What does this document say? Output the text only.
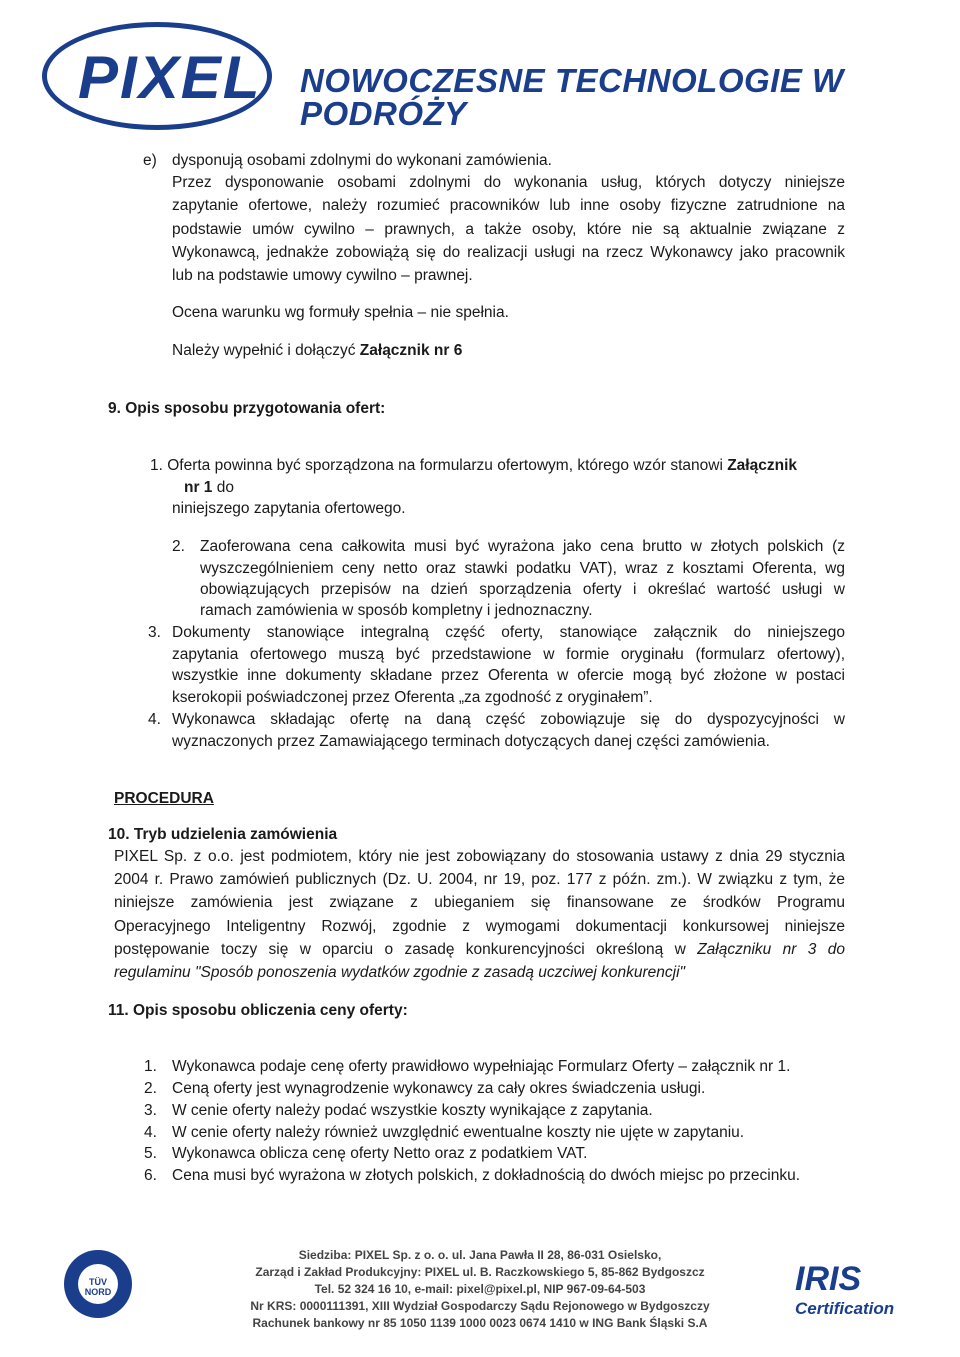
PIXEL NOWOCZESNE TECHNOLOGIE W PODRÓŻY
e) dysponują osobami zdolnymi do wykonani zamówienia.
Przez dysponowanie osobami zdolnymi do wykonania usług, których dotyczy niniejsze
zapytanie ofertowe, należy rozumieć pracowników lub inne osoby fizyczne zatrudnione na
podstawie umów cywilno – prawnych, a także osoby, które nie są aktualnie związane z
Wykonawcą, jednakże zobowiążą się do realizacji usługi na rzecz Wykonawcy jako pracownik
lub na podstawie umowy cywilno – prawnej.
Ocena warunku wg formuły spełnia – nie spełnia.
Należy wypełnić i dołączyć Załącznik nr 6
9. Opis sposobu przygotowania ofert:
1. Oferta powinna być sporządzona na formularzu ofertowym, którego wzór stanowi Załącznik
nr 1 do
niniejszego zapytania ofertowego.
2. Zaoferowana cena całkowita musi być wyrażona jako cena brutto w złotych polskich (z
wyszczególnieniem ceny netto oraz stawki podatku VAT), wraz z kosztami Oferenta, wg
obowiązujących przepisów na dzień sporządzenia oferty i określać wartość usługi w
ramach zamówienia w sposób kompletny i jednoznaczny.
3. Dokumenty stanowiące integralną część oferty, stanowiące załącznik do niniejszego
zapytania ofertowego muszą być przedstawione w formie oryginału (formularz ofertowy),
wszystkie inne dokumenty składane przez Oferenta w ofercie mogą być złożone w postaci
kserokopii poświadczonej przez Oferenta „za zgodność z oryginałem”.
4. Wykonawca składając ofertę na daną część zobowiązuje się do dyspozycyjności w
wyznaczonych przez Zamawiającego terminach dotyczących danej części zamówienia.
PROCEDURA
10. Tryb udzielenia zamówienia
PIXEL Sp. z o.o. jest podmiotem, który nie jest zobowiązany do stosowania ustawy z dnia 29 stycznia
2004 r. Prawo zamówień publicznych (Dz. U. 2004, nr 19, poz. 177 z późn. zm.). W związku z tym, że
niniejsze zamówienia jest związane z ubieganiem się finansowane ze środków Programu
Operacyjnego Inteligentny Rozwój, zgodnie z wymogami dokumentacji konkursowej niniejsze
postępowanie toczy się w oparciu o zasadę konkurencyjności określoną w Załączniku nr 3 do
regulaminu "Sposób ponoszenia wydatków zgodnie z zasadą uczciwej konkurencji"
11. Opis sposobu obliczenia ceny oferty:
1. Wykonawca podaje cenę oferty prawidłowo wypełniając Formularz Oferty – załącznik nr 1.
2. Ceną oferty jest wynagrodzenie wykonawcy za cały okres świadczenia usługi.
3. W cenie oferty należy podać wszystkie koszty wynikające z zapytania.
4. W cenie oferty należy również uwzględnić ewentualne koszty nie ujęte w zapytaniu.
5. Wykonawca oblicza cenę oferty Netto oraz z podatkiem VAT.
6. Cena musi być wyrażona w złotych polskich, z dokładnością do dwóch miejsc po przecinku.
TÜV NORD
Siedziba: PIXEL Sp. z o. o. ul. Jana Pawła II 28, 86-031 Osielsko,
Zarząd i Zakład Produkcyjny: PIXEL ul. B. Raczkowskiego 5, 85-862 Bydgoszcz
Tel. 52 324 16 10, e-mail: pixel@pixel.pl, NIP 967-09-64-503
Nr KRS: 0000111391, XIII Wydział Gospodarczy Sądu Rejonowego w Bydgoszczy
Rachunek bankowy nr 85 1050 1139 1000 0023 0674 1410 w ING Bank Śląski S.A
IRIS
Certification
